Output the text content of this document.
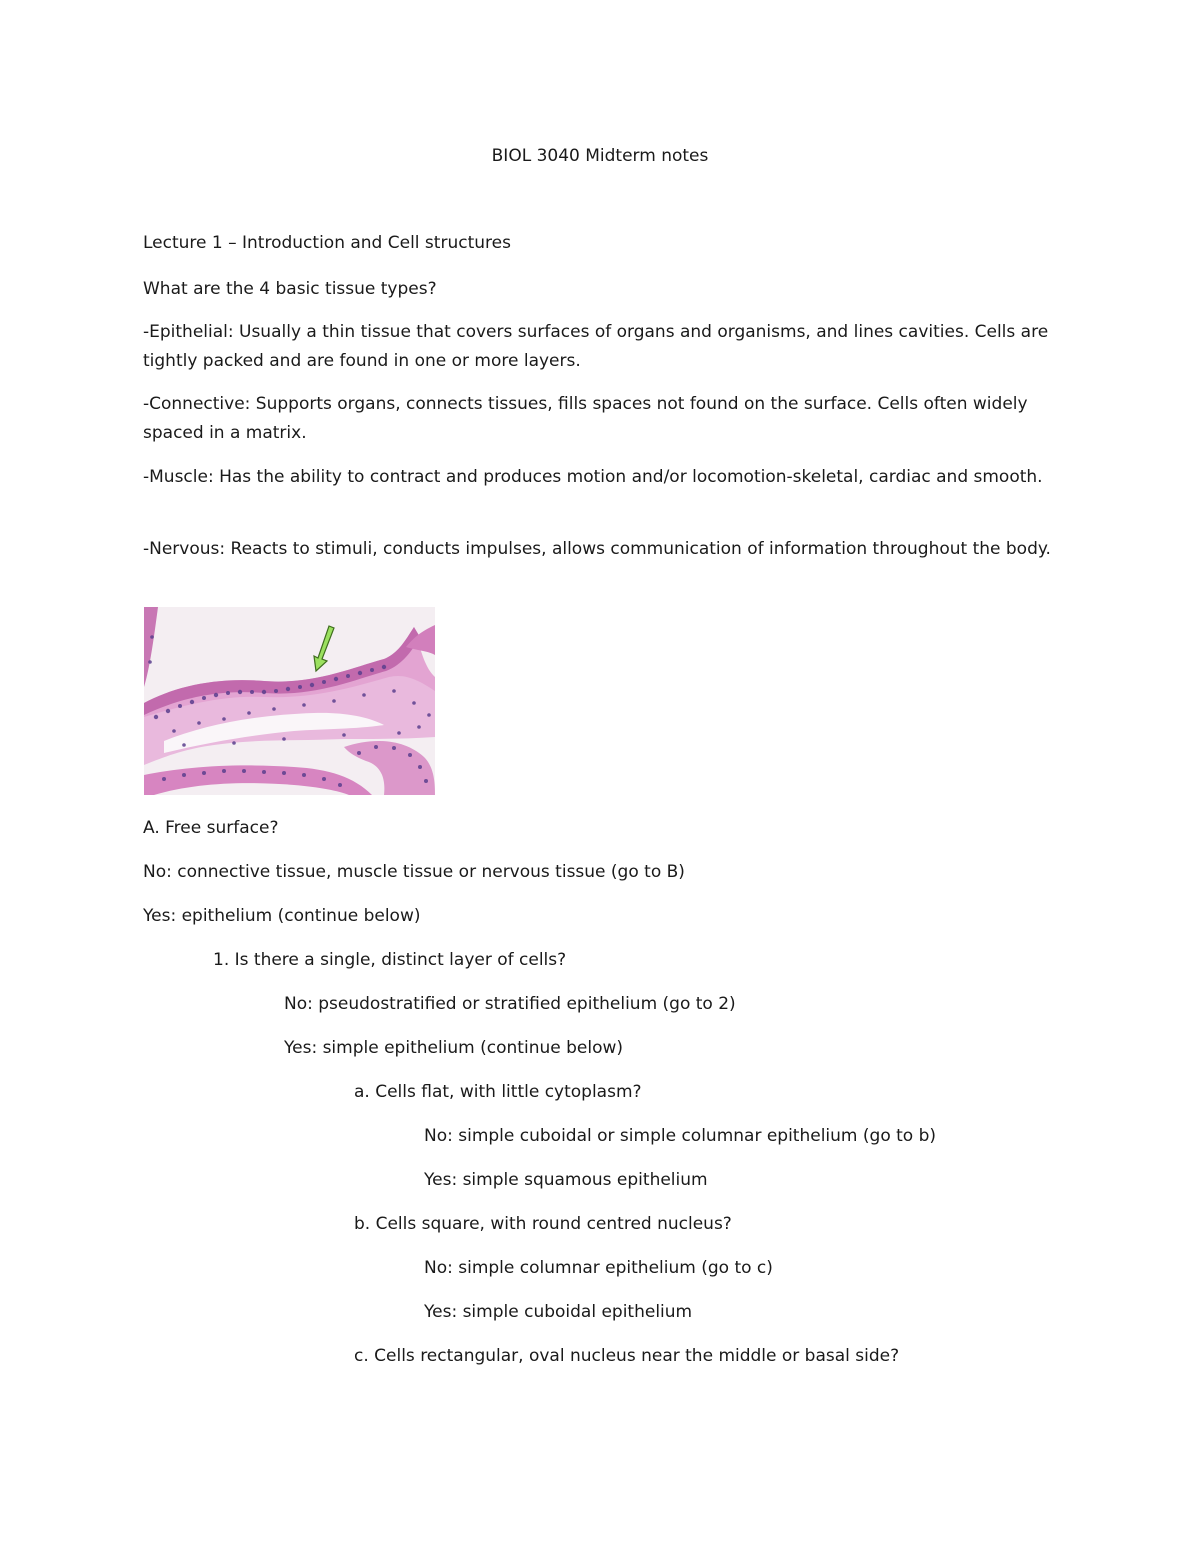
BIOL 3040 Midterm notes

Lecture 1 – Introduction and Cell structures

What are the 4 basic tissue types?

-Epithelial: Usually a thin tissue that covers surfaces of organs and organisms, and lines cavities. Cells are tightly packed and are found in one or more layers.

-Connective: Supports organs, connects tissues, fills spaces not found on the surface. Cells often widely spaced in a matrix.

-Muscle: Has the ability to contract and produces motion and/or locomotion-skeletal, cardiac and smooth.

-Nervous: Reacts to stimuli, conducts impulses, allows communication of information throughout the body.

A. Free surface?

No: connective tissue, muscle tissue or nervous tissue (go to B)

Yes: epithelium (continue below)

1. Is there a single, distinct layer of cells?

No: pseudostratified or stratified epithelium (go to 2)

Yes: simple epithelium (continue below)

a. Cells flat, with little cytoplasm?

No: simple cuboidal or simple columnar epithelium (go to b)

Yes: simple squamous epithelium

b. Cells square, with round centred nucleus?

No: simple columnar epithelium (go to c)

Yes: simple cuboidal epithelium

c. Cells rectangular, oval nucleus near the middle or basal side?
